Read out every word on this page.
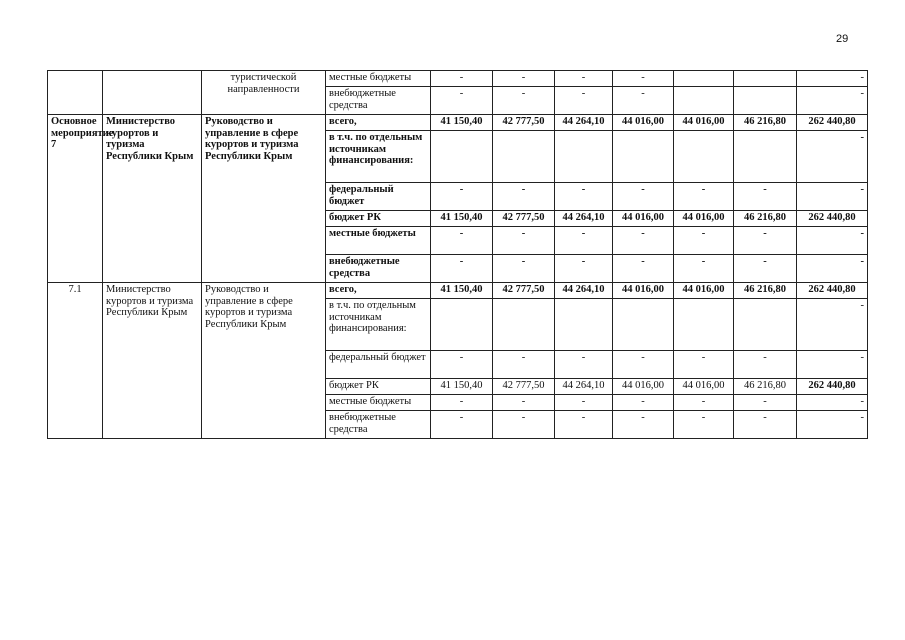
29
		туристической направленности	местные бюджеты	-	-	-	-			-
			внебюджетные средства	-	-	-	-			-
Основное мероприятие 7	Министерство курортов и туризма Республики Крым	Руководство и управление в сфере курортов и туризма Республики Крым	всего,	41 150,40	42 777,50	44 264,10	44 016,00	44 016,00	46 216,80	262 440,80
			в т.ч. по отдельным источникам финансирования:							-
			федеральный бюджет	-	-	-	-	-	-	-
			бюджет РК	41 150,40	42 777,50	44 264,10	44 016,00	44 016,00	46 216,80	262 440,80
			местные бюджеты	-	-	-	-	-	-	-
			внебюджетные средства	-	-	-	-	-	-	-
7.1	Министерство курортов и туризма Республики Крым	Руководство и управление в сфере курортов и туризма Республики Крым	всего,	41 150,40	42 777,50	44 264,10	44 016,00	44 016,00	46 216,80	262 440,80
			в т.ч. по отдельным источникам финансирования:							-
			федеральный бюджет	-	-	-	-	-	-	-
			бюджет РК	41 150,40	42 777,50	44 264,10	44 016,00	44 016,00	46 216,80	262 440,80
			местные бюджеты	-	-	-	-	-	-	-
			внебюджетные средства	-	-	-	-	-	-	-
